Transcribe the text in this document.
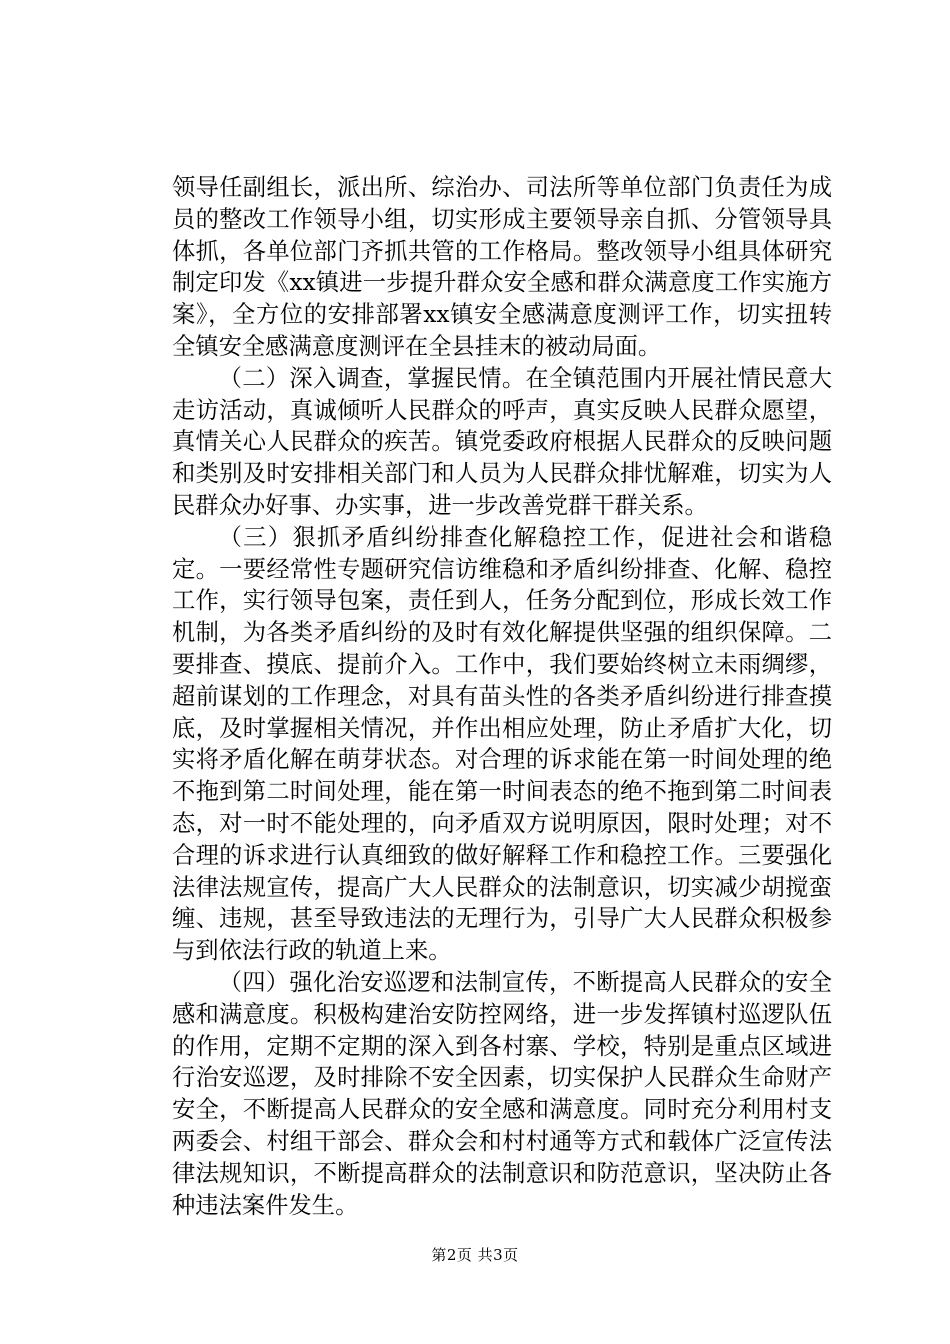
领导任副组长，派出所、综治办、司法所等单位部门负责任为成员的整改工作领导小组，切实形成主要领导亲自抓、分管领导具体抓，各单位部门齐抓共管的工作格局。整改领导小组具体研究制定印发《xx镇进一步提升群众安全感和群众满意度工作实施方案》，全方位的安排部署xx镇安全感满意度测评工作，切实扭转全镇安全感满意度测评在全县挂末的被动局面。

（二）深入调查，掌握民情。在全镇范围内开展社情民意大走访活动，真诚倾听人民群众的呼声，真实反映人民群众愿望，真情关心人民群众的疾苦。镇党委政府根据人民群众的反映问题和类别及时安排相关部门和人员为人民群众排忧解难，切实为人民群众办好事、办实事，进一步改善党群干群关系。

（三）狠抓矛盾纠纷排查化解稳控工作，促进社会和谐稳定。一要经常性专题研究信访维稳和矛盾纠纷排查、化解、稳控工作，实行领导包案，责任到人，任务分配到位，形成长效工作机制，为各类矛盾纠纷的及时有效化解提供坚强的组织保障。二要排查、摸底、提前介入。工作中，我们要始终树立未雨绸缪，超前谋划的工作理念，对具有苗头性的各类矛盾纠纷进行排查摸底，及时掌握相关情况，并作出相应处理，防止矛盾扩大化，切实将矛盾化解在萌芽状态。对合理的诉求能在第一时间处理的绝不拖到第二时间处理，能在第一时间表态的绝不拖到第二时间表态，对一时不能处理的，向矛盾双方说明原因，限时处理；对不合理的诉求进行认真细致的做好解释工作和稳控工作。三要强化法律法规宣传，提高广大人民群众的法制意识，切实减少胡搅蛮缠、违规，甚至导致违法的无理行为，引导广大人民群众积极参与到依法行政的轨道上来。

（四）强化治安巡逻和法制宣传，不断提高人民群众的安全感和满意度。积极构建治安防控网络，进一步发挥镇村巡逻队伍的作用，定期不定期的深入到各村寨、学校，特别是重点区域进行治安巡逻，及时排除不安全因素，切实保护人民群众生命财产安全，不断提高人民群众的安全感和满意度。同时充分利用村支两委会、村组干部会、群众会和村村通等方式和载体广泛宣传法律法规知识，不断提高群众的法制意识和防范意识，坚决防止各种违法案件发生。

第2页 共3页
